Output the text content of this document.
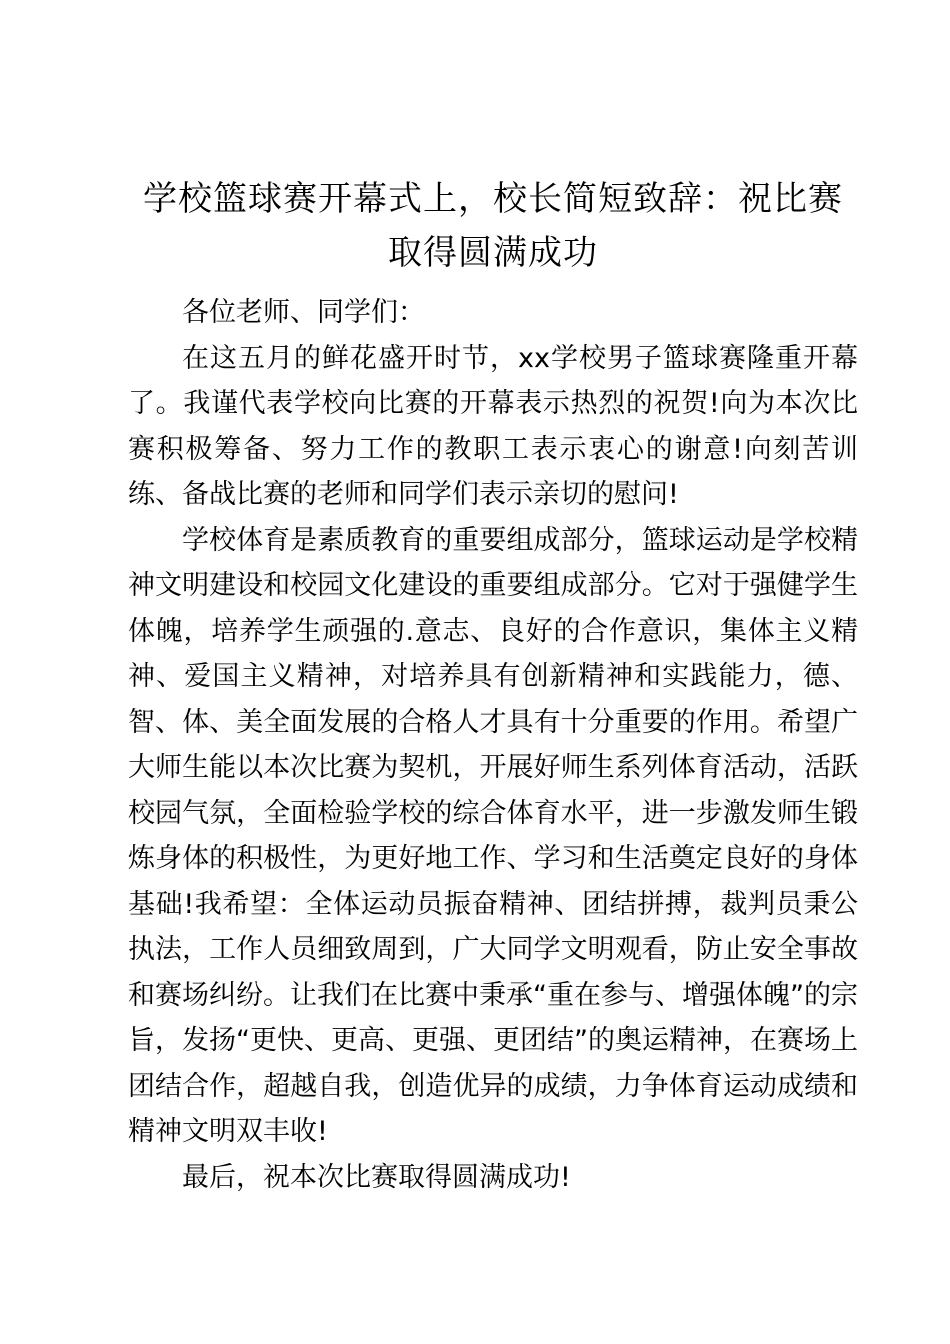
学校篮球赛开幕式上，校长简短致辞：祝比赛
取得圆满成功

各位老师、同学们：

在这五月的鲜花盛开时节，xx学校男子篮球赛隆重开幕了。我谨代表学校向比赛的开幕表示热烈的祝贺!向为本次比赛积极筹备、努力工作的教职工表示衷心的谢意!向刻苦训练、备战比赛的老师和同学们表示亲切的慰问!

学校体育是素质教育的重要组成部分，篮球运动是学校精神文明建设和校园文化建设的重要组成部分。它对于强健学生体魄，培养学生顽强的.意志、良好的合作意识，集体主义精神、爱国主义精神，对培养具有创新精神和实践能力，德、智、体、美全面发展的合格人才具有十分重要的作用。希望广大师生能以本次比赛为契机，开展好师生系列体育活动，活跃校园气氛，全面检验学校的综合体育水平，进一步激发师生锻炼身体的积极性，为更好地工作、学习和生活奠定良好的身体基础!我希望：全体运动员振奋精神、团结拼搏，裁判员秉公执法，工作人员细致周到，广大同学文明观看，防止安全事故和赛场纠纷。让我们在比赛中秉承“重在参与、增强体魄”的宗旨，发扬“更快、更高、更强、更团结”的奥运精神，在赛场上团结合作，超越自我，创造优异的成绩，力争体育运动成绩和精神文明双丰收!

最后，祝本次比赛取得圆满成功!
